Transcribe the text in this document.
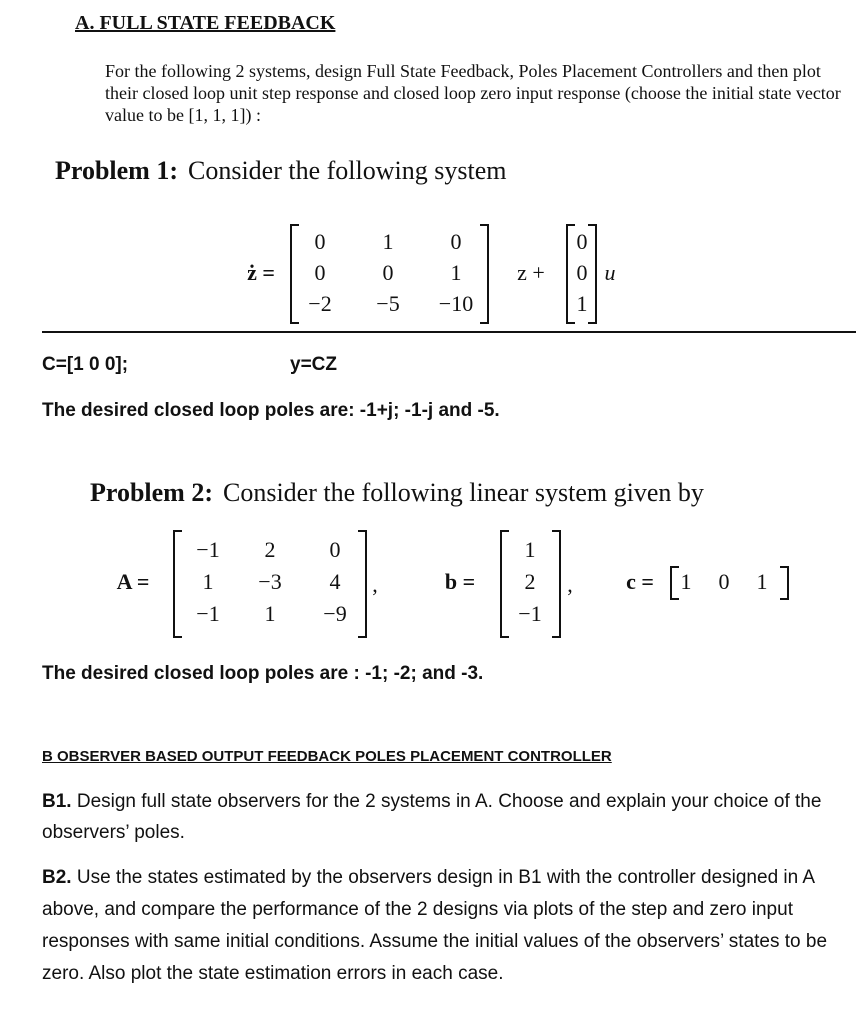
A. FULL STATE FEEDBACK
For the following 2 systems, design Full State Feedback, Poles Placement Controllers and then plot their closed loop unit step response and closed loop zero input response (choose the initial state vector value to be [1, 1, 1]) :
Problem 1: Consider the following system
ż =
0	1	0
0	0	1
−2	−5	−10
z +
0
0
1
u
C=[1 0 0];	y=CZ
The desired closed loop poles are: -1+j; -1-j and -5.
Problem 2: Consider the following linear system given by
A =
−1	2	0
1	−3	4
−1	1	−9
,	b =
1
2
−1
,	c =	1	0	1
The desired closed loop poles are : -1; -2; and -3.
B OBSERVER BASED OUTPUT FEEDBACK POLES PLACEMENT CONTROLLER
B1. Design full state observers for the 2 systems in A. Choose and explain your choice of the observers’ poles.
B2. Use the states estimated by the observers design in B1 with the controller designed in A above, and compare the performance of the 2 designs via plots of the step and zero input responses with same initial conditions. Assume the initial values of the observers’ states to be zero. Also plot the state estimation errors in each case.
